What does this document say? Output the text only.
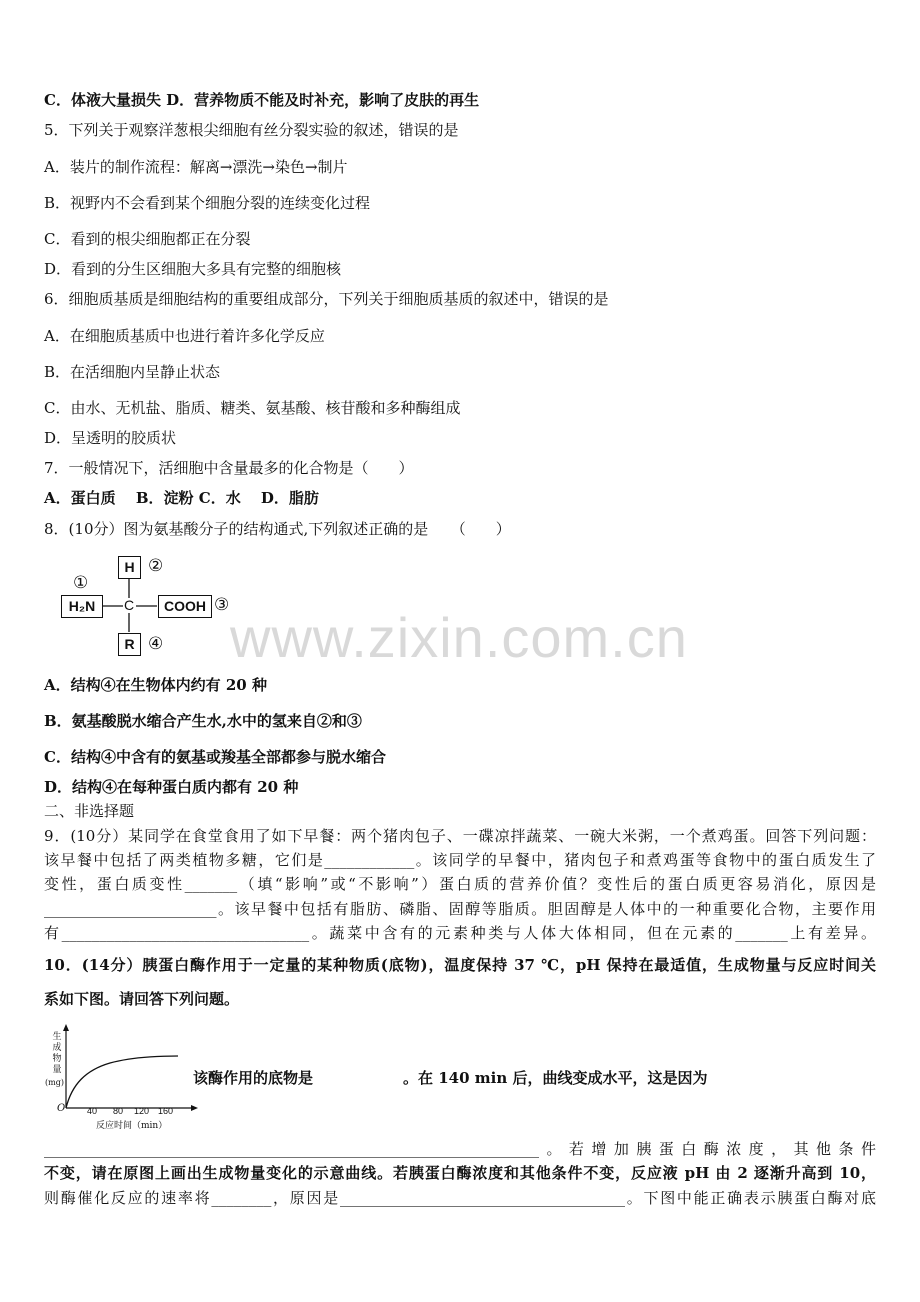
www.zixin.com.cn
C．体液大量损失 D．营养物质不能及时补充，影响了皮肤的再生
5．下列关于观察洋葱根尖细胞有丝分裂实验的叙述，错误的是
A．装片的制作流程：解离→漂洗→染色→制片
B．视野内不会看到某个细胞分裂的连续变化过程
C．看到的根尖细胞都正在分裂
D．看到的分生区细胞大多具有完整的细胞核
6．细胞质基质是细胞结构的重要组成部分，下列关于细胞质基质的叙述中，错误的是
A．在细胞质基质中也进行着许多化学反应
B．在活细胞内呈静止状态
C．由水、无机盐、脂质、糖类、氨基酸、核苷酸和多种酶组成
D．呈透明的胶质状
7．一般情况下，活细胞中含量最多的化合物是（　　）
A．蛋白质　 B．淀粉 C．水　 D．脂肪
8．(10分）图为氨基酸分子的结构通式,下列叙述正确的是　　（　　）
H₂N
①
C
H ②
COOH ③
R ④
A．结构④在生物体内约有 20 种
B．氨基酸脱水缩合产生水,水中的氢来自②和③
C．结构④中含有的氨基或羧基全部都参与脱水缩合
D．结构④在每种蛋白质内都有 20 种
二、非选择题
9．(10分）某同学在食堂食用了如下早餐：两个猪肉包子、一碟凉拌蔬菜、一碗大米粥，一个煮鸡蛋。回答下列问题：
该早餐中包括了两类植物多糖，它们是____________。该同学的早餐中，猪肉包子和煮鸡蛋等食物中的蛋白质发生了
变性，蛋白质变性_______（填“影响”或“不影响”）蛋白质的营养价值？变性后的蛋白质更容易消化，原因是
_______________________。该早餐中包括有脂肪、磷脂、固醇等脂质。胆固醇是人体中的一种重要化合物，主要作用
有_________________________________。蔬菜中含有的元素种类与人体大体相同，但在元素的_______上有差异。
10．(14分）胰蛋白酶作用于一定量的某种物质(底物)，温度保持 37 ℃，pH 保持在最适值，生成物量与反应时间关
系如下图。请回答下列问题。
生
成
物
量
(mg)
O 40 80 120 160
反应时间（min）
该酶作用的底物是　　　　　　。在 140 min 后，曲线变成水平，这是因为
__________________________________________________________________。若增加胰蛋白酶浓度，其他条件
不变，请在原图上画出生成物量变化的示意曲线。若胰蛋白酶浓度和其他条件不变，反应液 pH 由 2 逐渐升高到 10，
则酶催化反应的速率将________，原因是______________________________________。下图中能正确表示胰蛋白酶对底
